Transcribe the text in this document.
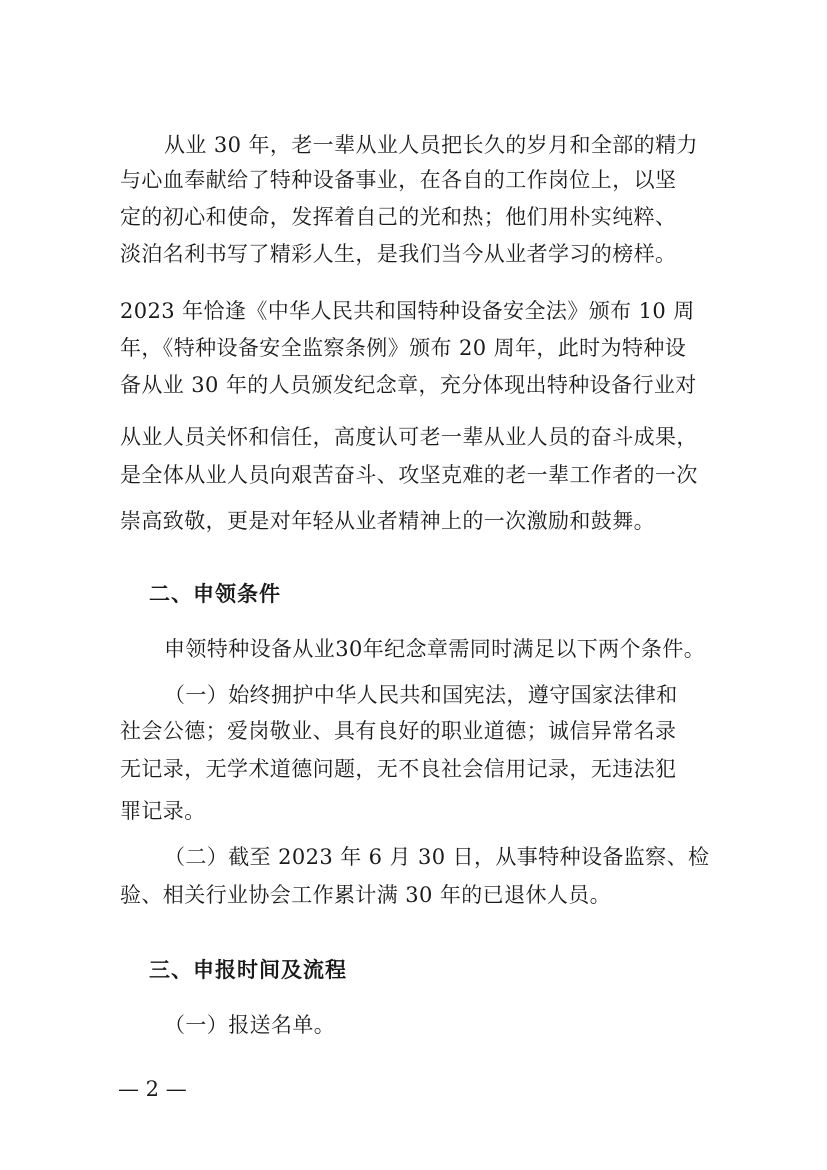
从业 30 年，老一辈从业人员把长久的岁月和全部的精力
与心血奉献给了特种设备事业，在各自的工作岗位上，以坚
定的初心和使命，发挥着自己的光和热；他们用朴实纯粹、
淡泊名利书写了精彩人生，是我们当今从业者学习的榜样。
2023 年恰逢《中华人民共和国特种设备安全法》颁布 10 周
年，《特种设备安全监察条例》颁布 20 周年，此时为特种设
备从业 30 年的人员颁发纪念章，充分体现出特种设备行业对
从业人员关怀和信任，高度认可老一辈从业人员的奋斗成果，
是全体从业人员向艰苦奋斗、攻坚克难的老一辈工作者的一次
崇高致敬，更是对年轻从业者精神上的一次激励和鼓舞。
二、申领条件
申领特种设备从业30年纪念章需同时满足以下两个条件。
（一）始终拥护中华人民共和国宪法，遵守国家法律和
社会公德；爱岗敬业、具有良好的职业道德；诚信异常名录
无记录，无学术道德问题，无不良社会信用记录，无违法犯
罪记录。
（二）截至 2023 年 6 月 30 日，从事特种设备监察、检
验、相关行业协会工作累计满 30 年的已退休人员。
三、申报时间及流程
（一）报送名单。
— 2 —
